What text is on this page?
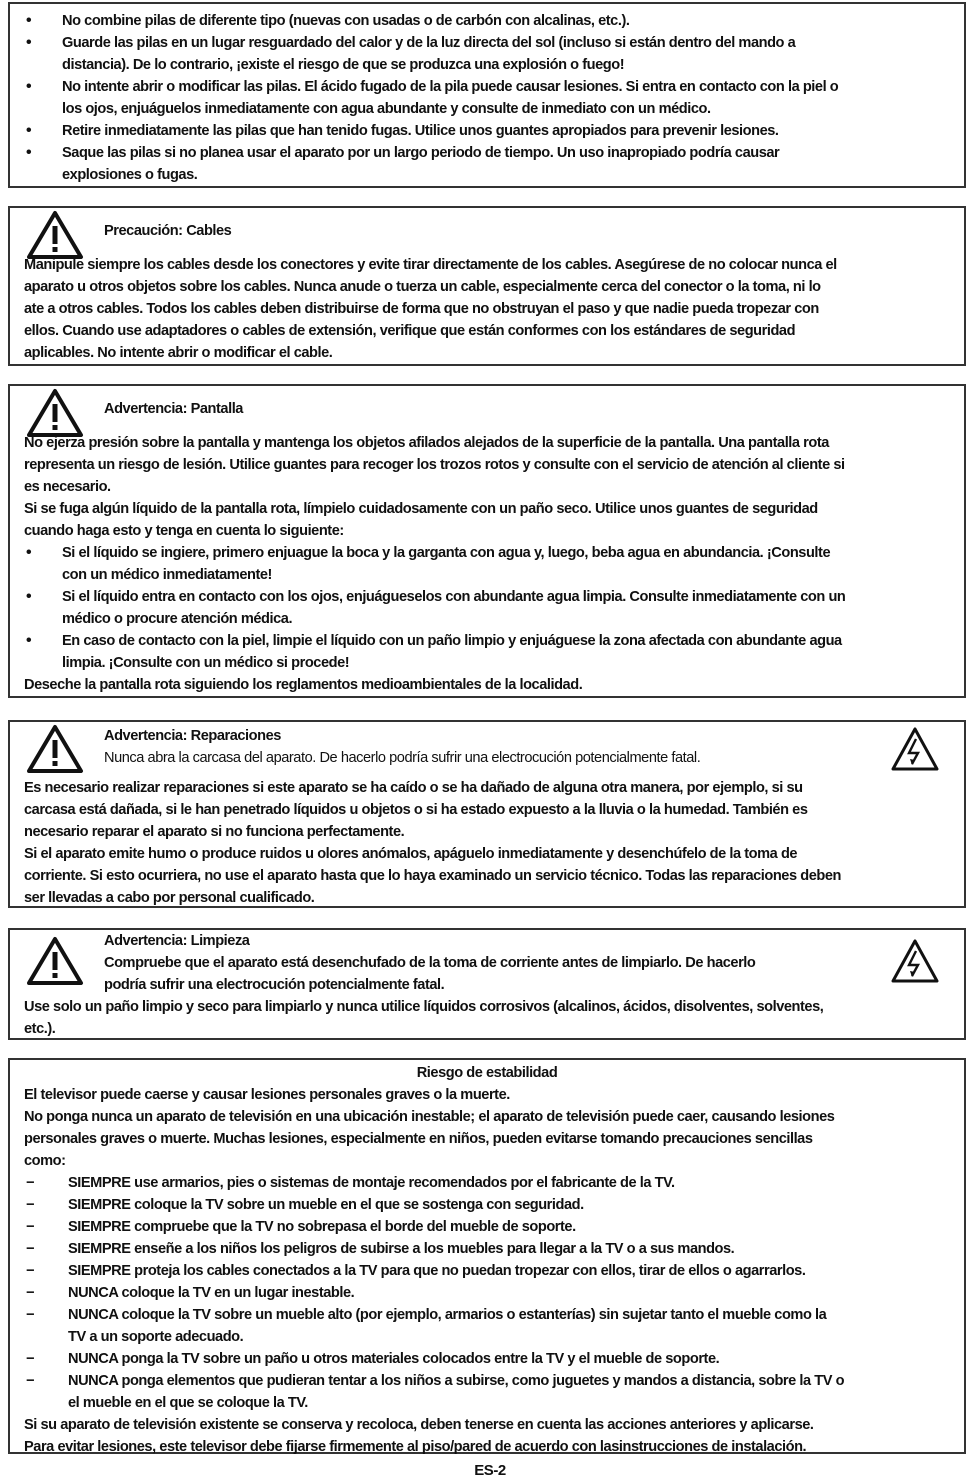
•	No combine pilas de diferente tipo (nuevas con usadas o de carbón con alcalinas, etc.).
•	Guarde las pilas en un lugar resguardado del calor y de la luz directa del sol (incluso si están dentro del mando a
distancia). De lo contrario, ¡existe el riesgo de que se produzca una explosión o fuego!
•	No intente abrir o modificar las pilas. El ácido fugado de la pila puede causar lesiones. Si entra en contacto con la piel o
los ojos, enjuáguelos inmediatamente con agua abundante y consulte de inmediato con un médico.
•	Retire inmediatamente las pilas que han tenido fugas. Utilice unos guantes apropiados para prevenir lesiones.
•	Saque las pilas si no planea usar el aparato por un largo periodo de tiempo. Un uso inapropiado podría causar
explosiones o fugas.
Precaución: Cables
Manipule siempre los cables desde los conectores y evite tirar directamente de los cables. Asegúrese de no colocar nunca el
aparato u otros objetos sobre los cables. Nunca anude o tuerza un cable, especialmente cerca del conector o la toma, ni lo
ate a otros cables. Todos los cables deben distribuirse de forma que no obstruyan el paso y que nadie pueda tropezar con
ellos. Cuando use adaptadores o cables de extensión, verifique que están conformes con los estándares de seguridad
aplicables. No intente abrir o modificar el cable.
Advertencia: Pantalla
No ejerza presión sobre la pantalla y mantenga los objetos afilados alejados de la superficie de la pantalla. Una pantalla rota
representa un riesgo de lesión. Utilice guantes para recoger los trozos rotos y consulte con el servicio de atención al cliente si
es necesario.
Si se fuga algún líquido de la pantalla rota, límpielo cuidadosamente con un paño seco. Utilice unos guantes de seguridad
cuando haga esto y tenga en cuenta lo siguiente:
•	Si el líquido se ingiere, primero enjuague la boca y la garganta con agua y, luego, beba agua en abundancia. ¡Consulte
con un médico inmediatamente!
•	Si el líquido entra en contacto con los ojos, enjuágueselos con abundante agua limpia. Consulte inmediatamente con un
médico o procure atención médica.
•	En caso de contacto con la piel, limpie el líquido con un paño limpio y enjuáguese la zona afectada con abundante agua
limpia. ¡Consulte con un médico si procede!
Deseche la pantalla rota siguiendo los reglamentos medioambientales de la localidad.
Advertencia: Reparaciones
Nunca abra la carcasa del aparato. De hacerlo podría sufrir una electrocución potencialmente fatal.
Es necesario realizar reparaciones si este aparato se ha caído o se ha dañado de alguna otra manera, por ejemplo, si su
carcasa está dañada, si le han penetrado líquidos u objetos o si ha estado expuesto a la lluvia o la humedad. También es
necesario reparar el aparato si no funciona perfectamente.
Si el aparato emite humo o produce ruidos u olores anómalos, apáguelo inmediatamente y desenchúfelo de la toma de
corriente. Si esto ocurriera, no use el aparato hasta que lo haya examinado un servicio técnico. Todas las reparaciones deben
ser llevadas a cabo por personal cualificado.
Advertencia: Limpieza
Compruebe que el aparato está desenchufado de la toma de corriente antes de limpiarlo. De hacerlo
podría sufrir una electrocución potencialmente fatal.
Use solo un paño limpio y seco para limpiarlo y nunca utilice líquidos corrosivos (alcalinos, ácidos, disolventes, solventes,
etc.).
Riesgo de estabilidad
El televisor puede caerse y causar lesiones personales graves o la muerte.
No ponga nunca un aparato de televisión en una ubicación inestable; el aparato de televisión puede caer, causando lesiones
personales graves o muerte. Muchas lesiones, especialmente en niños, pueden evitarse tomando precauciones sencillas
como:
− SIEMPRE use armarios, pies o sistemas de montaje recomendados por el fabricante de la TV.
− SIEMPRE coloque la TV sobre un mueble en el que se sostenga con seguridad.
− SIEMPRE compruebe que la TV no sobrepasa el borde del mueble de soporte.
− SIEMPRE enseñe a los niños los peligros de subirse a los muebles para llegar a la TV o a sus mandos.
− SIEMPRE proteja los cables conectados a la TV para que no puedan tropezar con ellos, tirar de ellos o agarrarlos.
− NUNCA coloque la TV en un lugar inestable.
− NUNCA coloque la TV sobre un mueble alto (por ejemplo, armarios o estanterías) sin sujetar tanto el mueble como la
TV a un soporte adecuado.
− NUNCA ponga la TV sobre un paño u otros materiales colocados entre la TV y el mueble de soporte.
− NUNCA ponga elementos que pudieran tentar a los niños a subirse, como juguetes y mandos a distancia, sobre la TV o
el mueble en el que se coloque la TV.
Si su aparato de televisión existente se conserva y recoloca, deben tenerse en cuenta las acciones anteriores y aplicarse.
Para evitar lesiones, este televisor debe fijarse firmemente al piso/pared de acuerdo con lasinstrucciones de instalación.
ES-2
